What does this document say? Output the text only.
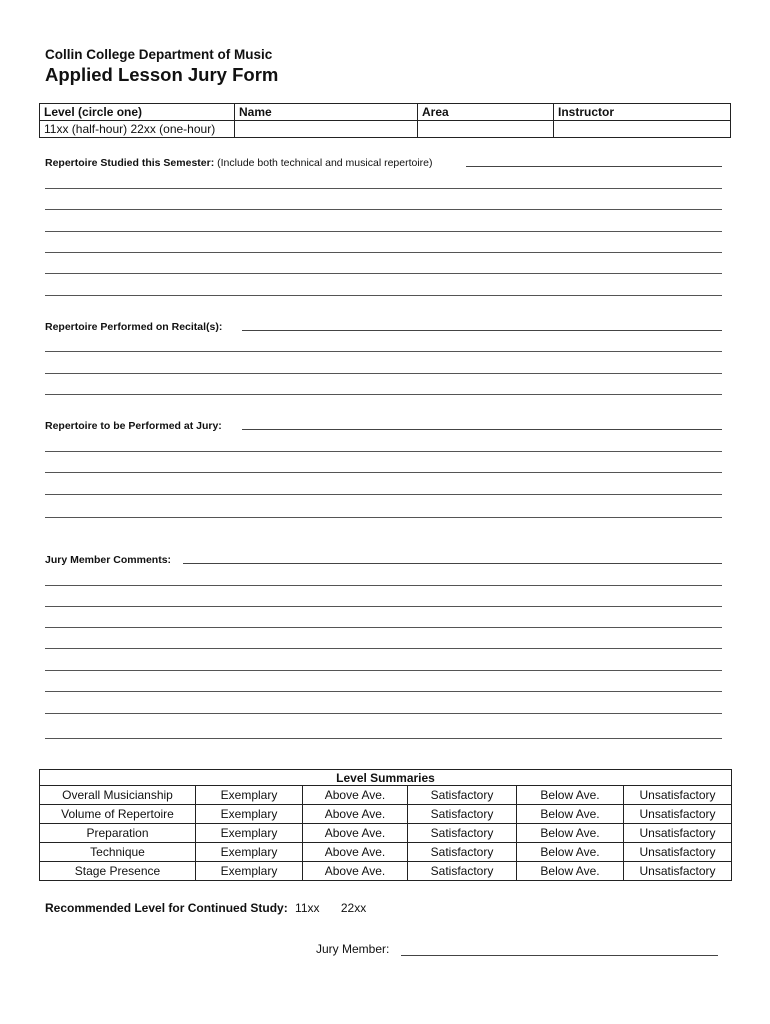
Collin College Department of Music
Applied Lesson Jury Form
Level (circle one)	Name	Area	Instructor
11xx (half-hour) 22xx (one-hour)			
Repertoire Studied this Semester: (Include both technical and musical repertoire)
Repertoire Performed on Recital(s):
Repertoire to be Performed at Jury:
Jury Member Comments:
Level Summaries					
Overall Musicianship	Exemplary	Above Ave.	Satisfactory	Below Ave.	Unsatisfactory
Volume of Repertoire	Exemplary	Above Ave.	Satisfactory	Below Ave.	Unsatisfactory
Preparation	Exemplary	Above Ave.	Satisfactory	Below Ave.	Unsatisfactory
Technique	Exemplary	Above Ave.	Satisfactory	Below Ave.	Unsatisfactory
Stage Presence	Exemplary	Above Ave.	Satisfactory	Below Ave.	Unsatisfactory
Recommended Level for Continued Study: 11xx 22xx
Jury Member:
